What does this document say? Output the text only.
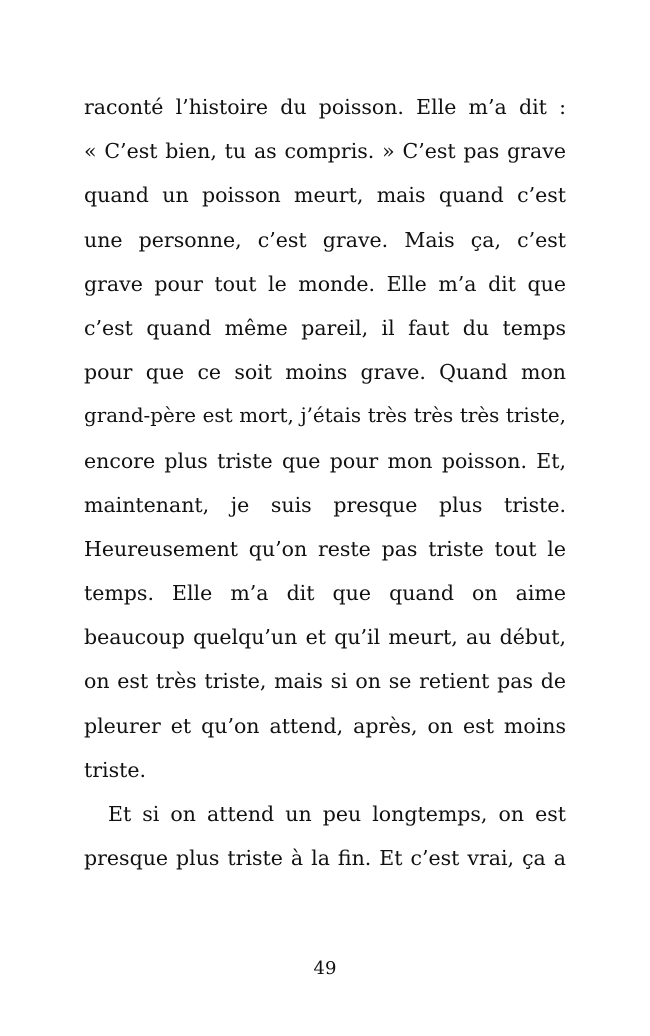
raconté l’histoire du poisson. Elle m’a dit :
« C’est bien, tu as compris. » C’est pas grave
quand un poisson meurt, mais quand c’est
une personne, c’est grave. Mais ça, c’est
grave pour tout le monde. Elle m’a dit que
c’est quand même pareil, il faut du temps
pour que ce soit moins grave. Quand mon
grand-père est mort, j’étais très très très triste,
encore plus triste que pour mon poisson. Et,
maintenant, je suis presque plus triste.
Heureusement qu’on reste pas triste tout le
temps. Elle m’a dit que quand on aime
beaucoup quelqu’un et qu’il meurt, au début,
on est très triste, mais si on se retient pas de
pleurer et qu’on attend, après, on est moins
triste.
Et si on attend un peu longtemps, on est
presque plus triste à la fin. Et c’est vrai, ça a
49
